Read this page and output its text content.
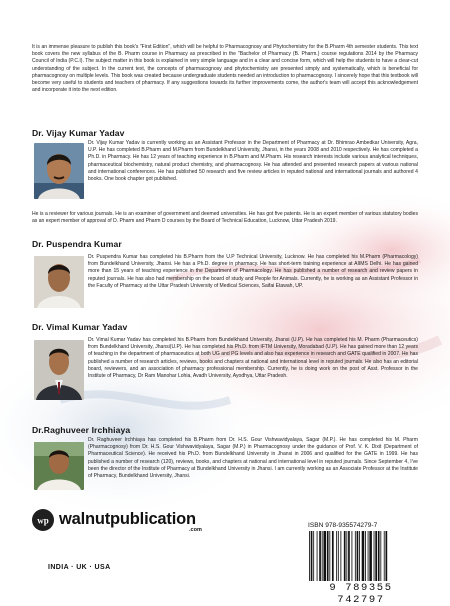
It is an immense pleasure to publish this book's "First Edition", which will be helpful to Pharmacognosy and Phytochemistry for the B.Pharm 4th semester students. This text book covers the new syllabus of the B. Pharm course in Pharmacy as prescribed in the "Bachelor of Pharmacy (B. Pharm.) course regulations 2014 by the Pharmacy Council of India (P.C.I). The subject matter in this book is explained in very simple language and in a clear and concise form, which will help the students to have a clear-cut understanding of the subject. In the current text, the concepts of pharmacognosy and phytochemistry are presented simply and systematically, which is beneficial for pharmacognosy on multiple levels. This book was created because undergraduate students needed an introduction to pharmacognosy. I sincerely hope that this textbook will become very useful to students and teachers of pharmacy. If any suggestions towards its further improvements come, the author's team will accept this acknowledgement and incorporate it into the next edition.

Dr. Vijay Kumar Yadav

Dr. Vijay Kumar Yadav is currently working as an Assistant Professor in the Department of Pharmacy at Dr. Bhimrao Ambedkar University, Agra, U.P. He has completed B.Pharm and M.Pharm from Bundelkhand University, Jhansi, in the years 2008 and 2010 respectively. He has completed a Ph.D. in Pharmacy. He has 12 years of teaching experience in B.Pharm and M.Pharm. His research interests include various analytical techniques, pharmaceutical biochemistry, natural product chemistry, and pharmacognosy. He has attended and presented research papers at various national and international conferences. He has published 50 research and five review articles in reputed national and international journals and authored 4 books. One book chapter got published.

He is a reviewer for various journals. He is an examiner of government and deemed universities. He has got five patents. He is an expert member of various statutory bodies as an expert member of approval of D. Pharm and Pharm D courses by the Board of Technical Education, Lucknow, Uttar Pradesh 2019.

Dr. Puspendra Kumar

Dr. Puspendra Kumar has completed his B.Pharm from the U.P Technical University, Lucknow. He has completed his M.Pharm (Pharmacology) from Bundelkhand University, Jhansi. He has a Ph.D. degree in pharmacy. He has short-term training experience at AIIMS Delhi. He has gained more than 15 years of teaching experience in the Department of Pharmacology. He has published a number of research and review papers in reputed journals. He has also had membership on the board of study and People for Animals. Currently, he is working as an Assistant Professor in the Faculty of Pharmacy at the Uttar Pradesh University of Medical Sciences, Saifai Etawah, UP.

Dr. Vimal Kumar Yadav

Dr. Vimal Kumar Yadav has completed his B.Pharm from Bundelkhand University, Jhansi (U.P). He has completed his M. Pharm (Pharmaceutics) from Bundelkhand University, Jhansi(U.P). He has completed his Ph.D. from IFTM University, Moradabad (U.P). He has gained more than 12 years of teaching in the department of pharmaceutics at both UG and PG levels and also has experience in research and GATE qualified in 2007. He has published a number of research articles, reviews, books and chapters at national and international level in reputed journals. He also has an editorial board, reviewers, and an association of pharmacy professional membership. Currently, he is doing work on the post of Asst. Professor in the Institute of Pharmacy, Dr Ram Manohar Lohia, Avadh University, Ayodhya, Uttar Pradesh.

Dr.Raghuveer Irchhiaya

Dr. Raghuveer Irchhiaya has completed his B.Pharm from Dr. H.S. Gour Vishwavidyalaya, Sagar (M.P.). He has completed his M. Pharm (Pharmacognosy) from Dr. H.S. Gour Vishwavidyalaya, Sagar (M.P.) in Pharmacognosy under the guidance of Prof. V. K. Dixit (Department of Pharmaceutical Science). He received his Ph.D. from Bundelkhand University in Jhansi in 2006 and qualified for the GATE in 1999. He has published a number of research (120), reviews, books, and chapters at national and international level in reputed journals. Since September 4, I've been the director of the Institute of Pharmacy at Bundelkhand University in Jhansi. I am currently working as an Associate Professor at the Institute of Pharmacy, Bundelkhand University, Jhansi.

wp walnutpublication
.com
INDIA · UK · USA
ISBN 978-935574279-7
9 789355 742797
